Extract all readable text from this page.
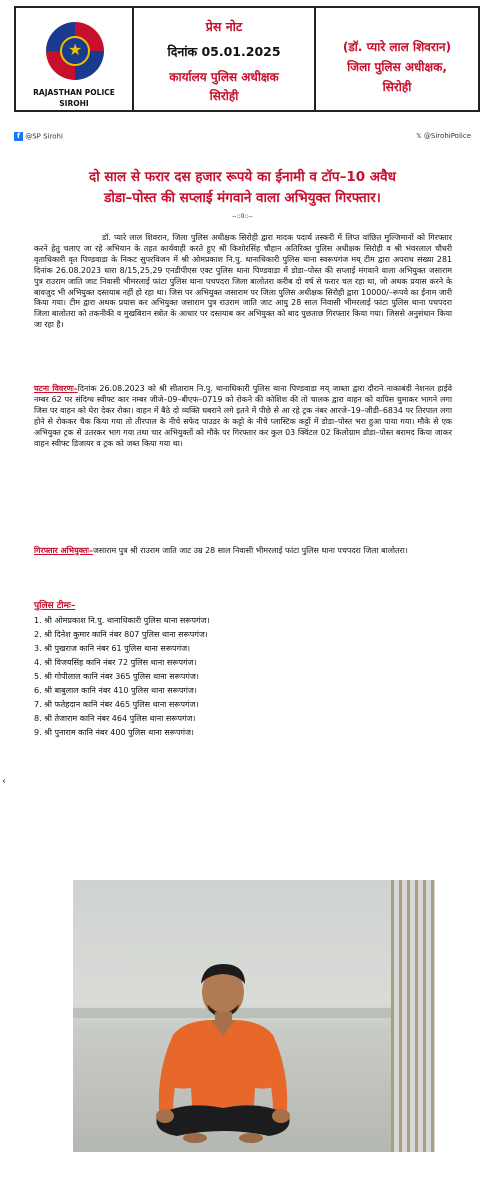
★
RAJASTHAN POLICE
SIROHI
प्रेस नोट
दिनांक 05.01.2025
कार्यालय पुलिस अधीक्षक
सिरोही
(डॉ. प्यारे लाल शिवरान)
जिला पुलिस अधीक्षक,
सिरोही
f @SP Sirohi	𝕏 @SirohiPolice
दो साल से फरार दस हजार रूपये का ईनामी व टॉप–10 अवैध
डोडा–पोस्त की सप्लाई मंगवाने वाला अभियुक्त गिरफ्तार।
--::0::--
डॉ. प्यारे लाल शिवरान, जिला पुलिस अधीक्षक सिरोही द्वारा मादक पदार्थ तस्करी में लिप्त वांछित मुल्जिमानों को गिरफ्तार करने हेतु चलाए जा रहे अभियान के तहत कार्यवाही करते हुए श्री किशोरसिंह चौहान अतिरिक्त पुलिस अधीक्षक सिरोही व श्री भंवरलाल चौधरी वृताधिकारी वृत पिण्डवाडा के निकट सुपरविजन में श्री ओमप्रकाश नि.पु. थानाधिकारी पुलिस थाना स्वरूपगंज मय् टीम द्वारा अपराध संख्या 281 दिनांक 26.08.2023 धारा 8/15,25,29 एनडीपीएस एक्ट पुलिस थाना पिण्डवाडा में डोडा–पोस्त की सप्लाई मंगवाने वाला अभियुक्त जसाराम पुत्र राउराम जाति जाट निवासी भीमरलाई फांटा पुलिस थाना पचपदरा जिला बालोतरा करीब दो वर्ष से फरार चल रहा था, जो अथक प्रयास करने के बावजुद भी अभियुक्त दस्तयाब नहीं हो रहा था। जिस पर अभियुक्त जसाराम पर जिला पुलिस अधीक्षक सिरोही द्वारा 10000/–रूपये का ईनाम जारी किया गया। टीम द्वारा अथक प्रयास कर अभियुक्त जसाराम पुत्र राउराम जाति जाट आयु 28 साल निवासी भीमरलाई फांटा पुलिस थाना पचपदरा जिला बालोतरा को तकनीकी व मुखबिरान स्त्रोत के आधार पर दस्तयाब कर अभियुक्त को बाद पुछताछ गिरफ्तार किया गया। जिससे अनुसंधान किया जा रहा है।
घटना विवरणः–दिनांक 26.08.2023 को श्री सीताराम नि.पु. थानाधिकारी पुलिस थाना पिण्डवाडा मय् जाब्ता द्वारा दौराने नाकाबंदी नेशनल हाईवे नम्बर 62 पर संदिग्ध स्वीफ्ट कार नम्बर जीजे–09–बीएफ–0719 को रोकने की कोशिश की तो चालक द्वारा वाहन को वापिस घुमाकर भागने लगा जिस पर वाहन को घेरा देकर रोका। वाहन में बैठे दो व्यक्ति घबराने लगे इतने में पीछे से आ रहे ट्रक नंबर आरजे–19–जीडी–6834 पर तिरपाल लगा होने से रोककर चैक किया गया तो तीरपाल के नीचे सफेद पाउडर के कट्टो के नीचे प्लास्टिक कट्टों में डोडा–पोस्त भरा हुआ पाया गया। मौके से एक अभियुक्त ट्रक से उतरकर भाग गया तथा चार अभियुक्तों को मौके पर गिरफ्तार कर कुल 03 क्विंटल 02 किलोग्राम डोडा–पोस्त बरामद किया जाकर वाहन स्वीफ्ट डिजायर व ट्रक को जब्त किया गया था।
गिरफ्तार अभियुक्तः–जसाराम पुत्र श्री राउराम जाति जाट उम्र 28 साल निवासी भीमरलाई फांटा पुलिस थाना पचपदरा जिला बालोतरा।
पुलिस टीमः–
1. श्री ओमप्रकाश नि.पु. थानाधिकारी पुलिस थाना सरूपगंज।
2. श्री दिनेश कुमार कानि नंबर 807 पुलिस थाना सरूपगंज।
3. श्री पुखराज कानि नंबर 61 पुलिस थाना सरूपगंज।
4. श्री विजयसिंह कानि नंबर 72 पुलिस थाना सरूपगंज।
5. श्री गोपीलाल कानि नंबर 365 पुलिस थाना सरूपगंज।
6. श्री बाबुलाल कानि नंबर 410 पुलिस थाना सरूपगंज।
7. श्री फतेहदान कानि नंबर 465 पुलिस थाना सरूपगंज।
8. श्री तेजाराम कानि नंबर 464 पुलिस थाना सरूपगंज।
9. श्री पुनाराम कानि नंबर 400 पुलिस थाना सरूपगंज।
‹
